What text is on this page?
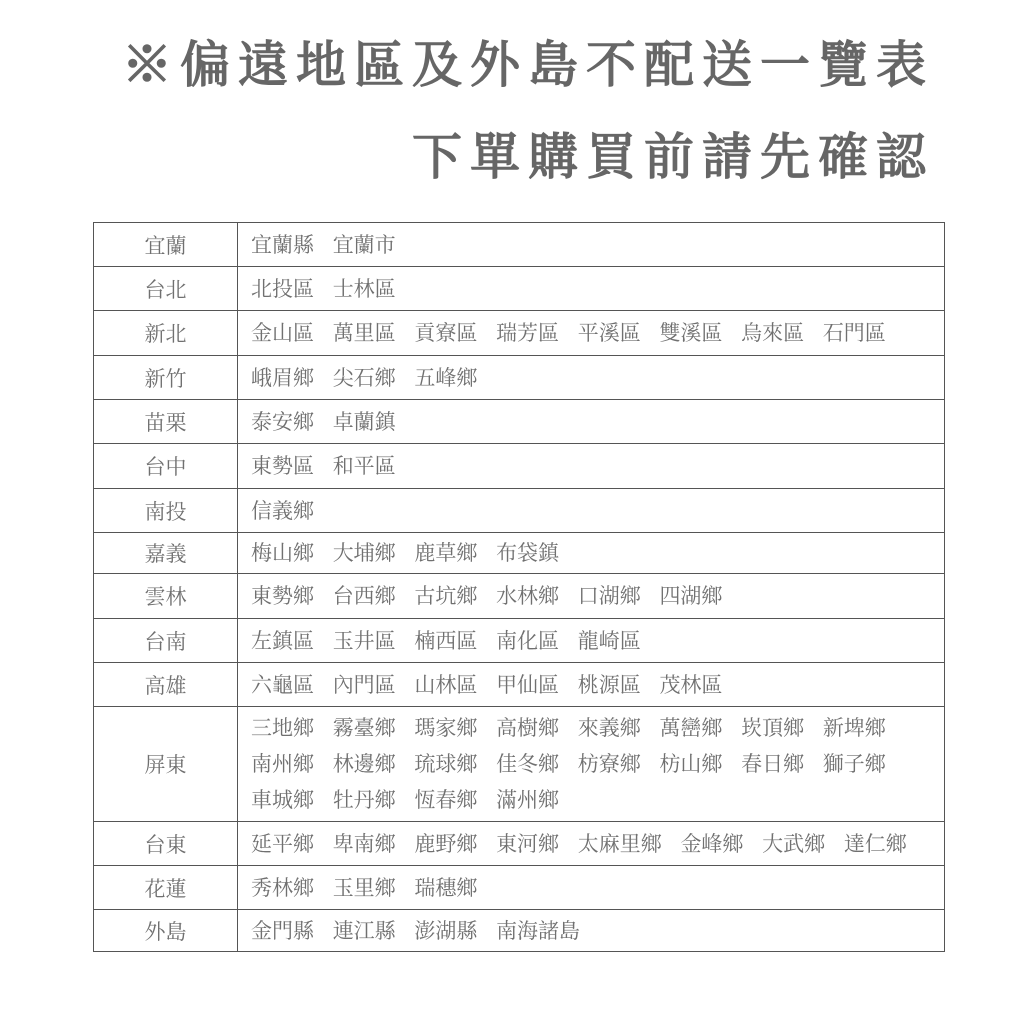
※偏遠地區及外島不配送一覽表
下單購買前請先確認
宜蘭	宜蘭縣 宜蘭市
台北	北投區 士林區
新北	金山區 萬里區 貢寮區 瑞芳區 平溪區 雙溪區 烏來區 石門區
新竹	峨眉鄉 尖石鄉 五峰鄉
苗栗	泰安鄉 卓蘭鎮
台中	東勢區 和平區
南投	信義鄉
嘉義	梅山鄉 大埔鄉 鹿草鄉 布袋鎮
雲林	東勢鄉 台西鄉 古坑鄉 水林鄉 口湖鄉 四湖鄉
台南	左鎮區 玉井區 楠西區 南化區 龍崎區
高雄	六龜區 內門區 山林區 甲仙區 桃源區 茂林區
屏東	三地鄉 霧臺鄉 瑪家鄉 高樹鄉 來義鄉 萬巒鄉 崁頂鄉 新埤鄉 南州鄉 林邊鄉 琉球鄉 佳冬鄉 枋寮鄉 枋山鄉 春日鄉 獅子鄉 車城鄉 牡丹鄉 恆春鄉 滿州鄉
台東	延平鄉 卑南鄉 鹿野鄉 東河鄉 太麻里鄉 金峰鄉 大武鄉 達仁鄉
花蓮	秀林鄉 玉里鄉 瑞穗鄉
外島	金門縣 連江縣 澎湖縣 南海諸島
